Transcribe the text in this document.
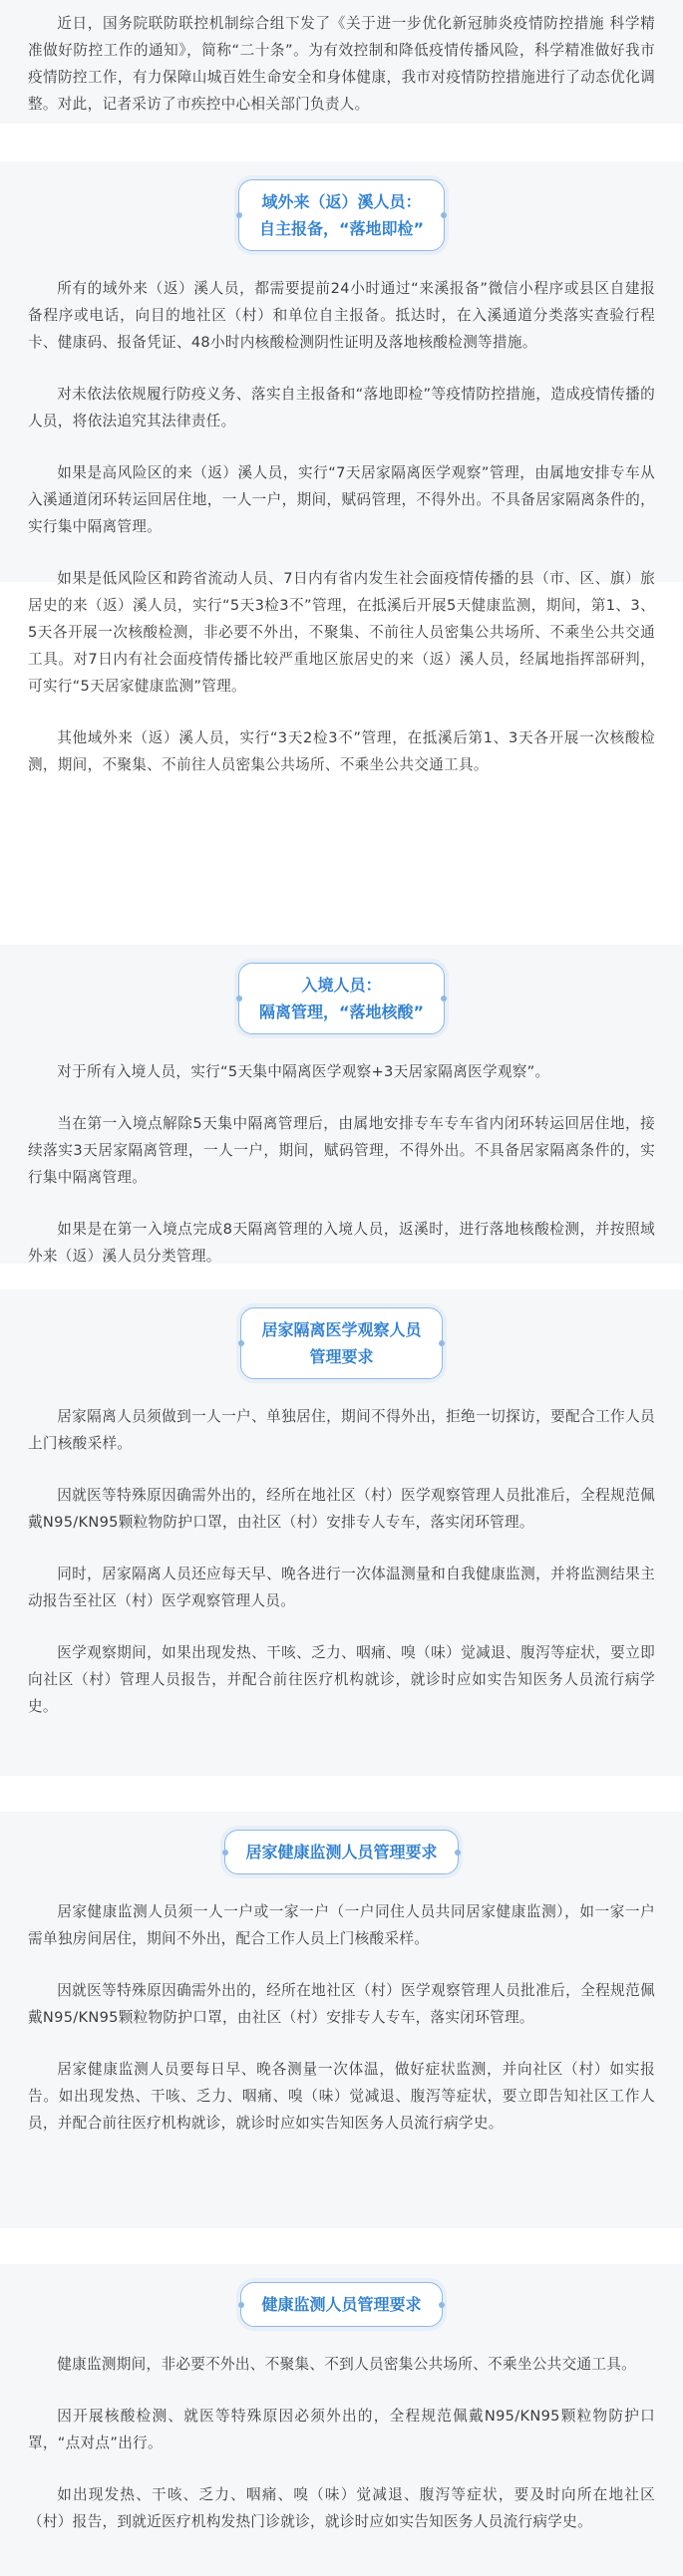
近日，国务院联防联控机制综合组下发了《关于进一步优化新冠肺炎疫情防控措施 科学精准做好防控工作的通知》，简称“二十条”。为有效控制和降低疫情传播风险，科学精准做好我市疫情防控工作，有力保障山城百姓生命安全和身体健康，我市对疫情防控措施进行了动态优化调整。对此，记者采访了市疾控中心相关部门负责人。

域外来（返）溪人员：
自主报备，“落地即检”

所有的域外来（返）溪人员，都需要提前24小时通过“来溪报备”微信小程序或县区自建报备程序或电话，向目的地社区（村）和单位自主报备。抵达时，在入溪通道分类落实查验行程卡、健康码、报备凭证、48小时内核酸检测阴性证明及落地核酸检测等措施。

对未依法依规履行防疫义务、落实自主报备和“落地即检”等疫情防控措施，造成疫情传播的人员，将依法追究其法律责任。

如果是高风险区的来（返）溪人员，实行“7天居家隔离医学观察”管理，由属地安排专车从入溪通道闭环转运回居住地，一人一户，期间，赋码管理，不得外出。不具备居家隔离条件的，实行集中隔离管理。

如果是低风险区和跨省流动人员、7日内有省内发生社会面疫情传播的县（市、区、旗）旅居史的来（返）溪人员，实行“5天3检3不”管理，在抵溪后开展5天健康监测，期间，第1、3、5天各开展一次核酸检测，非必要不外出，不聚集、不前往人员密集公共场所、不乘坐公共交通工具。对7日内有社会面疫情传播比较严重地区旅居史的来（返）溪人员，经属地指挥部研判，可实行“5天居家健康监测”管理。

其他域外来（返）溪人员，实行“3天2检3不”管理，在抵溪后第1、3天各开展一次核酸检测，期间，不聚集、不前往人员密集公共场所、不乘坐公共交通工具。

入境人员：
隔离管理，“落地核酸”

对于所有入境人员，实行“5天集中隔离医学观察+3天居家隔离医学观察”。

当在第一入境点解除5天集中隔离管理后，由属地安排专车专车省内闭环转运回居住地，接续落实3天居家隔离管理，一人一户，期间，赋码管理，不得外出。不具备居家隔离条件的，实行集中隔离管理。

如果是在第一入境点完成8天隔离管理的入境人员，返溪时，进行落地核酸检测，并按照域外来（返）溪人员分类管理。

居家隔离医学观察人员
管理要求

居家隔离人员须做到一人一户、单独居住，期间不得外出，拒绝一切探访，要配合工作人员上门核酸采样。

因就医等特殊原因确需外出的，经所在地社区（村）医学观察管理人员批准后，全程规范佩戴N95/KN95颗粒物防护口罩，由社区（村）安排专人专车，落实闭环管理。

同时，居家隔离人员还应每天早、晚各进行一次体温测量和自我健康监测，并将监测结果主动报告至社区（村）医学观察管理人员。

医学观察期间，如果出现发热、干咳、乏力、咽痛、嗅（味）觉减退、腹泻等症状，要立即向社区（村）管理人员报告，并配合前往医疗机构就诊，就诊时应如实告知医务人员流行病学史。

居家健康监测人员管理要求

居家健康监测人员须一人一户或一家一户（一户同住人员共同居家健康监测），如一家一户需单独房间居住，期间不外出，配合工作人员上门核酸采样。

因就医等特殊原因确需外出的，经所在地社区（村）医学观察管理人员批准后，全程规范佩戴N95/KN95颗粒物防护口罩，由社区（村）安排专人专车，落实闭环管理。

居家健康监测人员要每日早、晚各测量一次体温，做好症状监测，并向社区（村）如实报告。如出现发热、干咳、乏力、咽痛、嗅（味）觉减退、腹泻等症状，要立即告知社区工作人员，并配合前往医疗机构就诊，就诊时应如实告知医务人员流行病学史。

健康监测人员管理要求

健康监测期间，非必要不外出、不聚集、不到人员密集公共场所、不乘坐公共交通工具。

因开展核酸检测、就医等特殊原因必须外出的，全程规范佩戴N95/KN95颗粒物防护口罩，“点对点”出行。

如出现发热、干咳、乏力、咽痛、嗅（味）觉减退、腹泻等症状，要及时向所在地社区（村）报告，到就近医疗机构发热门诊就诊，就诊时应如实告知医务人员流行病学史。
